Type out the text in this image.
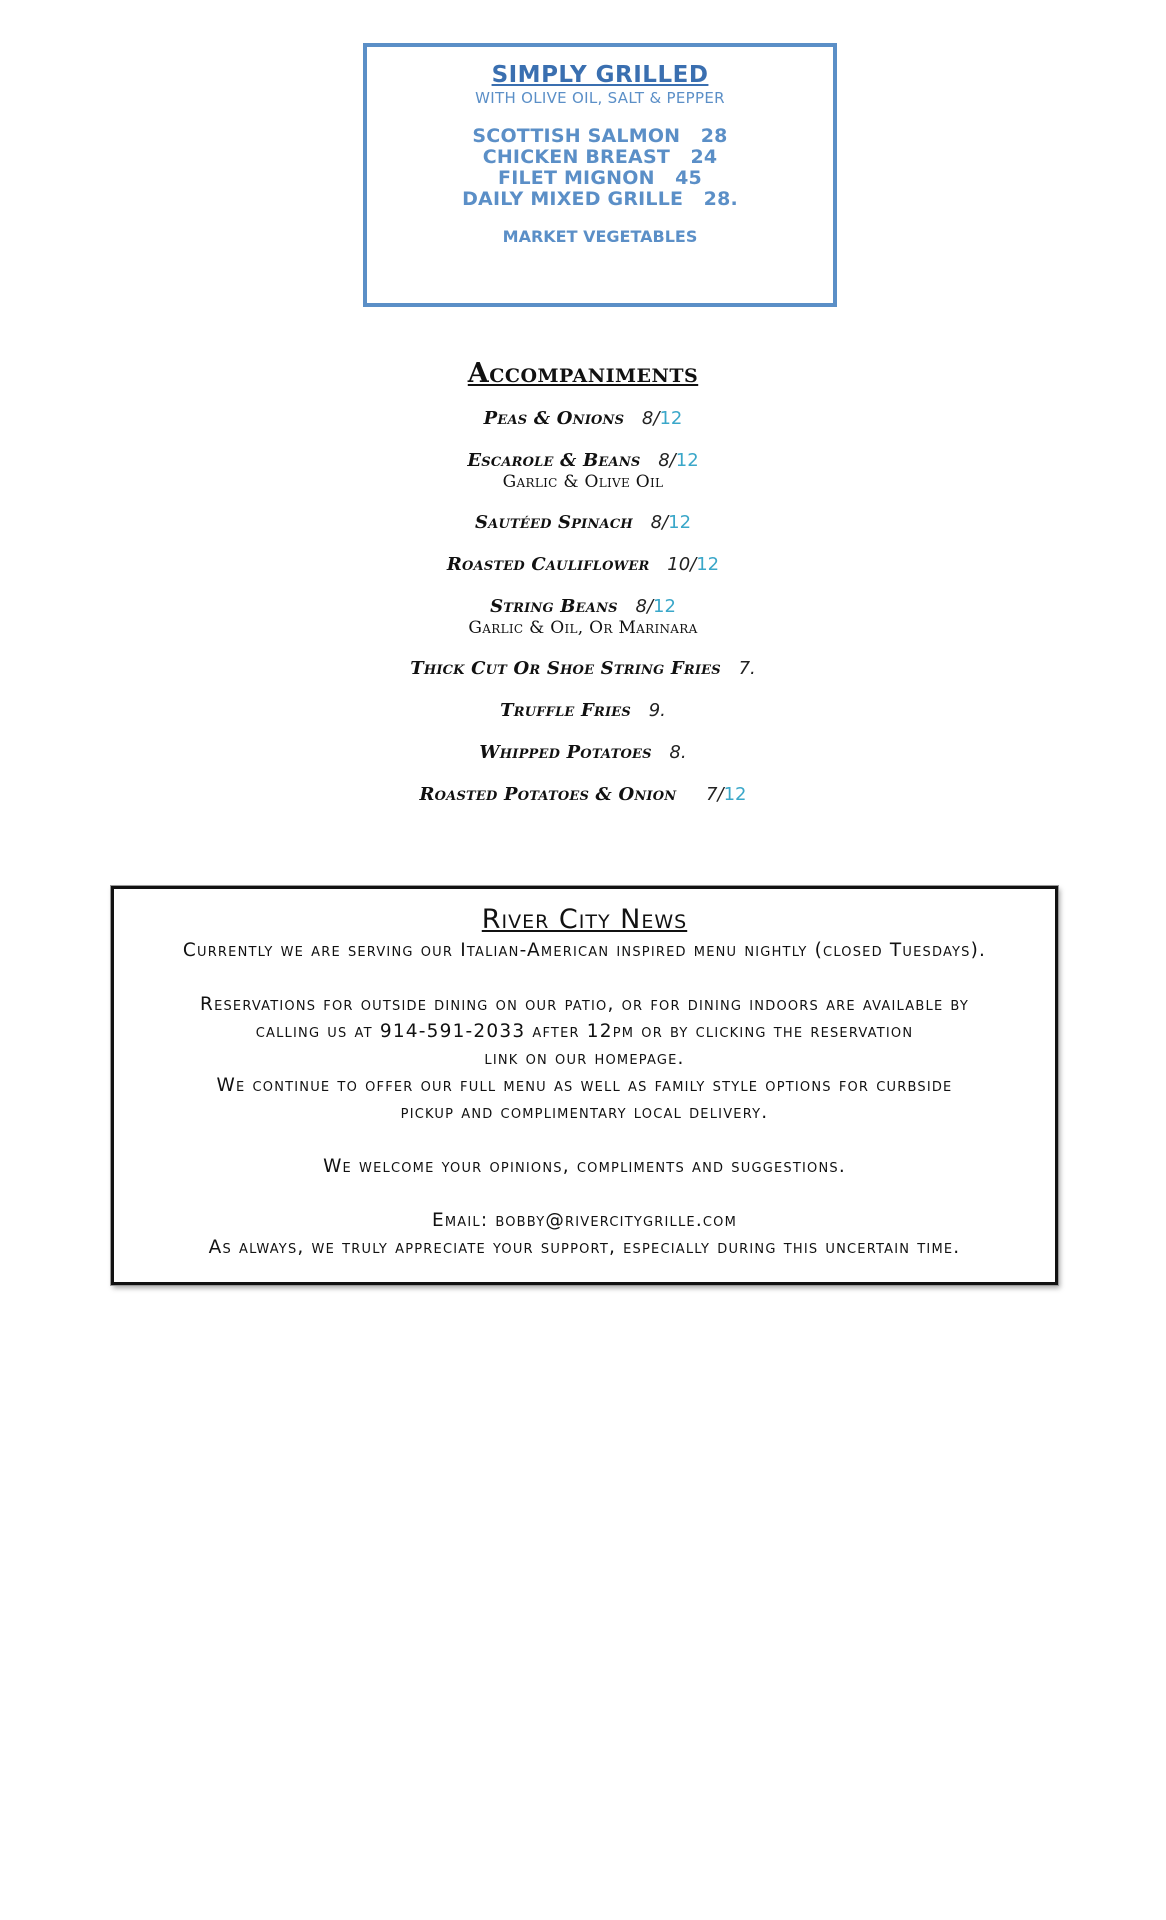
SIMPLY GRILLED
WITH OLIVE OIL, SALT & PEPPER
SCOTTISH SALMON   28
CHICKEN BREAST   24
FILET MIGNON   45
DAILY MIXED GRILLE   28.
MARKET VEGETABLES
Accompaniments
Peas & Onions 8/12
Escarole & Beans 8/12
Garlic & Olive Oil
Sautéed Spinach 8/12
Roasted Cauliflower 10/12
String Beans 8/12
Garlic & Oil, Or Marinara
Thick Cut Or Shoe String Fries 7.
Truffle Fries 9.
Whipped Potatoes 8.
Roasted Potatoes & Onion 7/12
River City News
Currently we are serving our Italian-American inspired menu nightly (closed Tuesdays).
Reservations for outside dining on our patio, or for dining indoors are available by
calling us at 914-591-2033 after 12pm or by clicking the reservation
link on our homepage.
We continue to offer our full menu as well as family style options for curbside
pickup and complimentary local delivery.
We welcome your opinions, compliments and suggestions.
Email: bobby@rivercitygrille.com
As always, we truly appreciate your support, especially during this uncertain time.
